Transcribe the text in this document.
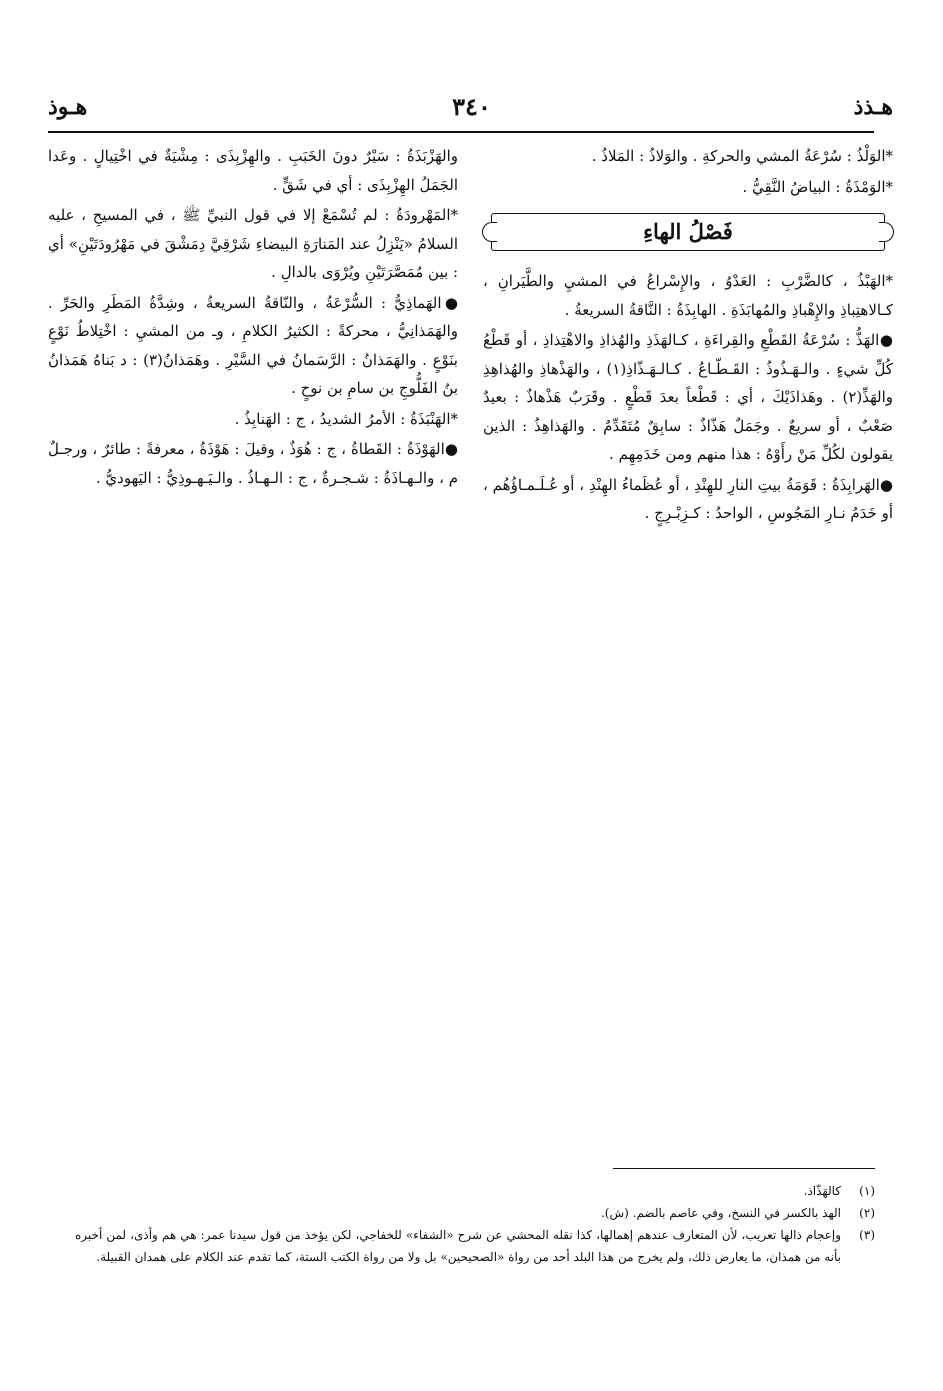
هـذذ
٣٤٠
هـوذ

*الوَلْذُ : سُرْعَةُ المشي والحركةِ . والوَلاذُ : المَلاذُ .

*الوَمْذَةُ : البياضُ النَّقِيُّ .

فَصْلُ الهاءِ

*الهَبْذُ ، كالضَّرْبِ : العَدْوُ ، والإِسْراعُ في المشيِ والطَّيَرانِ ، كـالاهتِباذِ والإِهْباذِ والمُهابَذَةِ . الهابِذَةُ : النَّاقةُ السريعةُ .

●الهَذُّ : سُرْعَةُ القَطْعِ والقِراءَةِ ، كـالهَذَذِ والهُذاذِ والاهْتِذاذِ ، أو قَطْعُ كُلِّ شيءٍ . والـهَـذُوذُ : القَـطّـاعُ . كـالـهَـذّاذِ(١) ، والهَذْهاذِ والهُذاهِذِ والهَذِّ(٢) . وهَذاذَيْكَ ، أي : قَطْعاً بعدَ قَطْعٍ . وقَرَبٌ هَذْهاذٌ : بعيدٌ صَعْبٌ ، أو سريعٌ . وجَمَلٌ هَذّاذٌ : سابِقٌ مُتَقَدِّمٌ . والهَذاهِذُ : الذين يقولون لكُلِّ مَنْ رأَوْهُ : هذا منهم ومن خَدَمِهِم .

●الهَرابِذَةُ : قَوَمَةُ بيتِ النارِ للهِنْدِ ، أو عُظَماءُ الهِنْدِ ، أو عُـلَـمـاؤُهُم ، أو خَدَمُ نـارِ المَجُوسِ ، الواحدُ : كـزِبْـرِجٍ .

والهَزْبَذَةُ : سَيْرٌ دونَ الخَبَبِ . والهِزْبِذَى : مِشْيَةٌ في اخْتِيالٍ . وعَدا الجَمَلُ الهِزْبِذَى : أي في شَقٍّ .

*المَهْرودَةُ : لم تُسْمَعْ إلا في قول النبيِّ ﷺ ، في المسيحِ ، عليه السلامُ «يَنْزِلُ عند المَنارَةِ البيضاءِ شَرْقِيَّ دِمَشْقَ في مَهْرُودَتَيْنِ» أي : بين مُمَصَّرَتَيْنِ ويُرْوَى بالدالِ .

●الهَماذِيُّ : السُّرْعَةُ ، والنّاقةُ السريعةُ ، وشِدَّةُ المَطَرِ والحَرِّ . والهَمَذانِيُّ ، محركةً : الكثيرُ الكلامِ ، وـ من المشيِ : اخْتِلاطُ نَوْعٍ بنَوْعٍ . والهَمَذانُ : الرَّسَمانُ في السَّيْرِ . وهَمَذانُ(٣) : د بَناهُ هَمَذانُ بنُ الفَلُّوجِ بن سامِ بن نوحٍ .

*الهَنْبَذَةُ : الأمرُ الشديدُ ، ج : الهَنابِذُ .

●الهَوْذَةُ : القَطاةُ ، ج : هُوَذٌ ، وقيلَ : هَوْذَةُ ، معرفةً : طائرٌ ، ورجـلٌ م ، والـهـاذَةُ : شـجـرةٌ ، ج : الـهـاذُ . والـيَـهـوذِيُّ : اليَهوديُّ .

(١)
كالهَذّاذ.
(٢)
الهذ بالكسر في النسخ، وفي عاصم بالضم. (ش).
(٣)
وإعجام ذالها تعريب، لأن المتعارف عندهم إهمالها، كذا نقله المحشي عن شرح «الشفاء» للخفاجي، لكن يؤخذ من قول سيدنا عمر: هي هم وأذى، لمن أخبره بأنه من همذان، ما يعارض ذلك، ولم يخرج من هذا البلد أحد من رواة «الصحيحين» بل ولا من رواة الكتب الستة، كما تقدم عند الكلام على همدان القبيلة.
